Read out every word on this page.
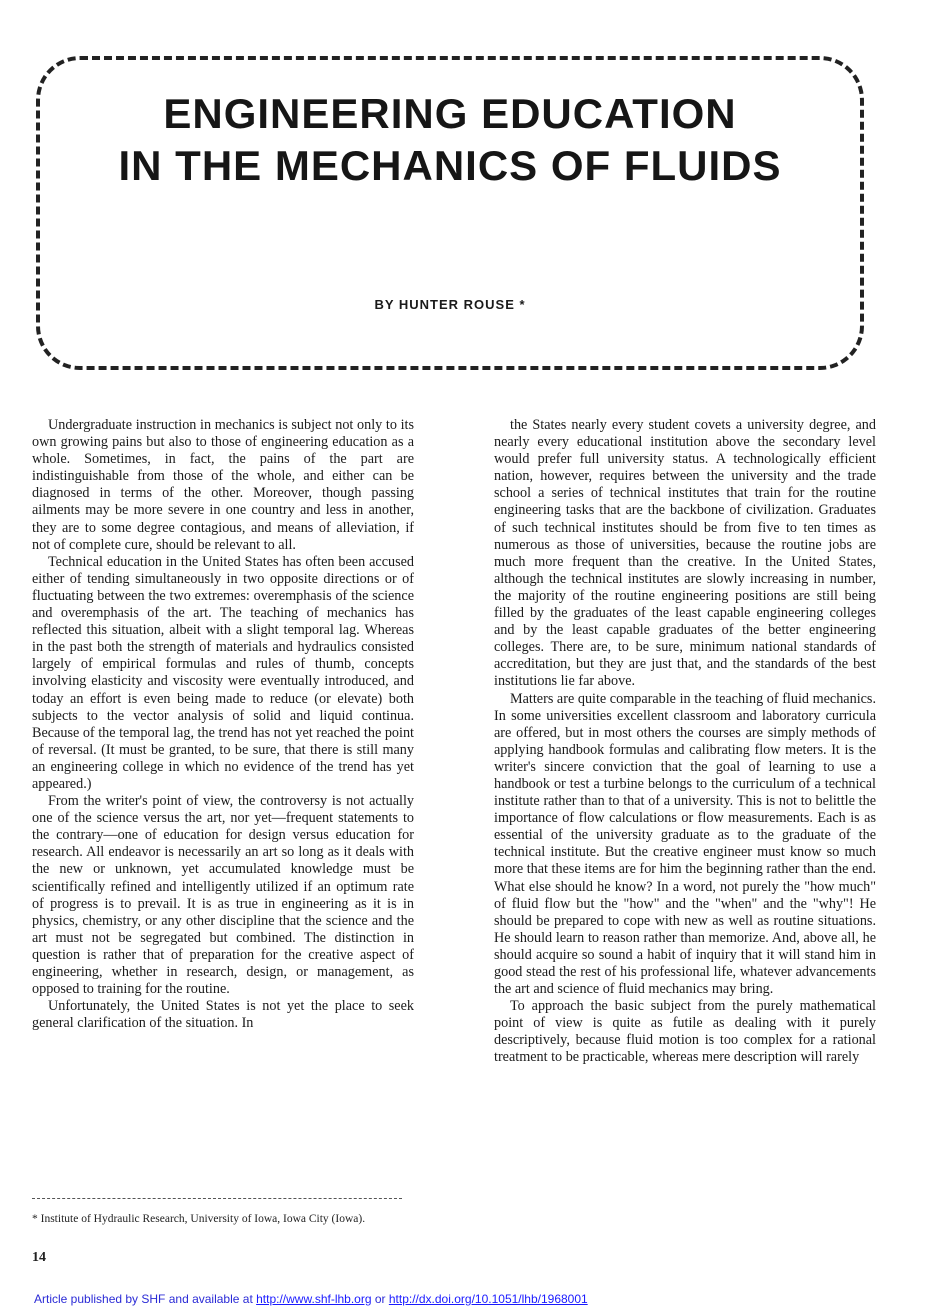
ENGINEERING EDUCATION
IN THE MECHANICS OF FLUIDS
BY HUNTER ROUSE *

Undergraduate instruction in mechanics is subject not only to its own growing pains but also to those of engineering education as a whole. Sometimes, in fact, the pains of the part are indistinguishable from those of the whole, and either can be diagnosed in terms of the other. Moreover, though passing ailments may be more severe in one country and less in another, they are to some degree contagious, and means of alleviation, if not of complete cure, should be relevant to all.

Technical education in the United States has often been accused either of tending simultaneously in two opposite directions or of fluctuating between the two extremes: overemphasis of the science and overemphasis of the art. The teaching of mechanics has reflected this situation, albeit with a slight temporal lag. Whereas in the past both the strength of materials and hydraulics consisted largely of empirical formulas and rules of thumb, concepts involving elasticity and viscosity were eventually introduced, and today an effort is even being made to reduce (or elevate) both subjects to the vector analysis of solid and liquid continua. Because of the temporal lag, the trend has not yet reached the point of reversal. (It must be granted, to be sure, that there is still many an engineering college in which no evidence of the trend has yet appeared.)

From the writer's point of view, the controversy is not actually one of the science versus the art, nor yet—frequent statements to the contrary—one of education for design versus education for research. All endeavor is necessarily an art so long as it deals with the new or unknown, yet accumulated knowledge must be scientifically refined and intelligently utilized if an optimum rate of progress is to prevail. It is as true in engineering as it is in physics, chemistry, or any other discipline that the science and the art must not be segregated but combined. The distinction in question is rather that of preparation for the creative aspect of engineering, whether in research, design, or management, as opposed to training for the routine.

Unfortunately, the United States is not yet the place to seek general clarification of the situation. In

the States nearly every student covets a university degree, and nearly every educational institution above the secondary level would prefer full university status. A technologically efficient nation, however, requires between the university and the trade school a series of technical institutes that train for the routine engineering tasks that are the backbone of civilization. Graduates of such technical institutes should be from five to ten times as numerous as those of universities, because the routine jobs are much more frequent than the creative. In the United States, although the technical institutes are slowly increasing in number, the majority of the routine engineering positions are still being filled by the graduates of the least capable engineering colleges and by the least capable graduates of the better engineering colleges. There are, to be sure, minimum national standards of accreditation, but they are just that, and the standards of the best institutions lie far above.

Matters are quite comparable in the teaching of fluid mechanics. In some universities excellent classroom and laboratory curricula are offered, but in most others the courses are simply methods of applying handbook formulas and calibrating flow meters. It is the writer's sincere conviction that the goal of learning to use a handbook or test a turbine belongs to the curriculum of a technical institute rather than to that of a university. This is not to belittle the importance of flow calculations or flow measurements. Each is as essential of the university graduate as to the graduate of the technical institute. But the creative engineer must know so much more that these items are for him the beginning rather than the end. What else should he know? In a word, not purely the "how much" of fluid flow but the "how" and the "when" and the "why"! He should be prepared to cope with new as well as routine situations. He should learn to reason rather than memorize. And, above all, he should acquire so sound a habit of inquiry that it will stand him in good stead the rest of his professional life, whatever advancements the art and science of fluid mechanics may bring.

To approach the basic subject from the purely mathematical point of view is quite as futile as dealing with it purely descriptively, because fluid motion is too complex for a rational treatment to be practicable, whereas mere description will rarely

* Institute of Hydraulic Research, University of Iowa, Iowa City (Iowa).
14
Article published by SHF and available at http://www.shf-lhb.org or http://dx.doi.org/10.1051/lhb/1968001
